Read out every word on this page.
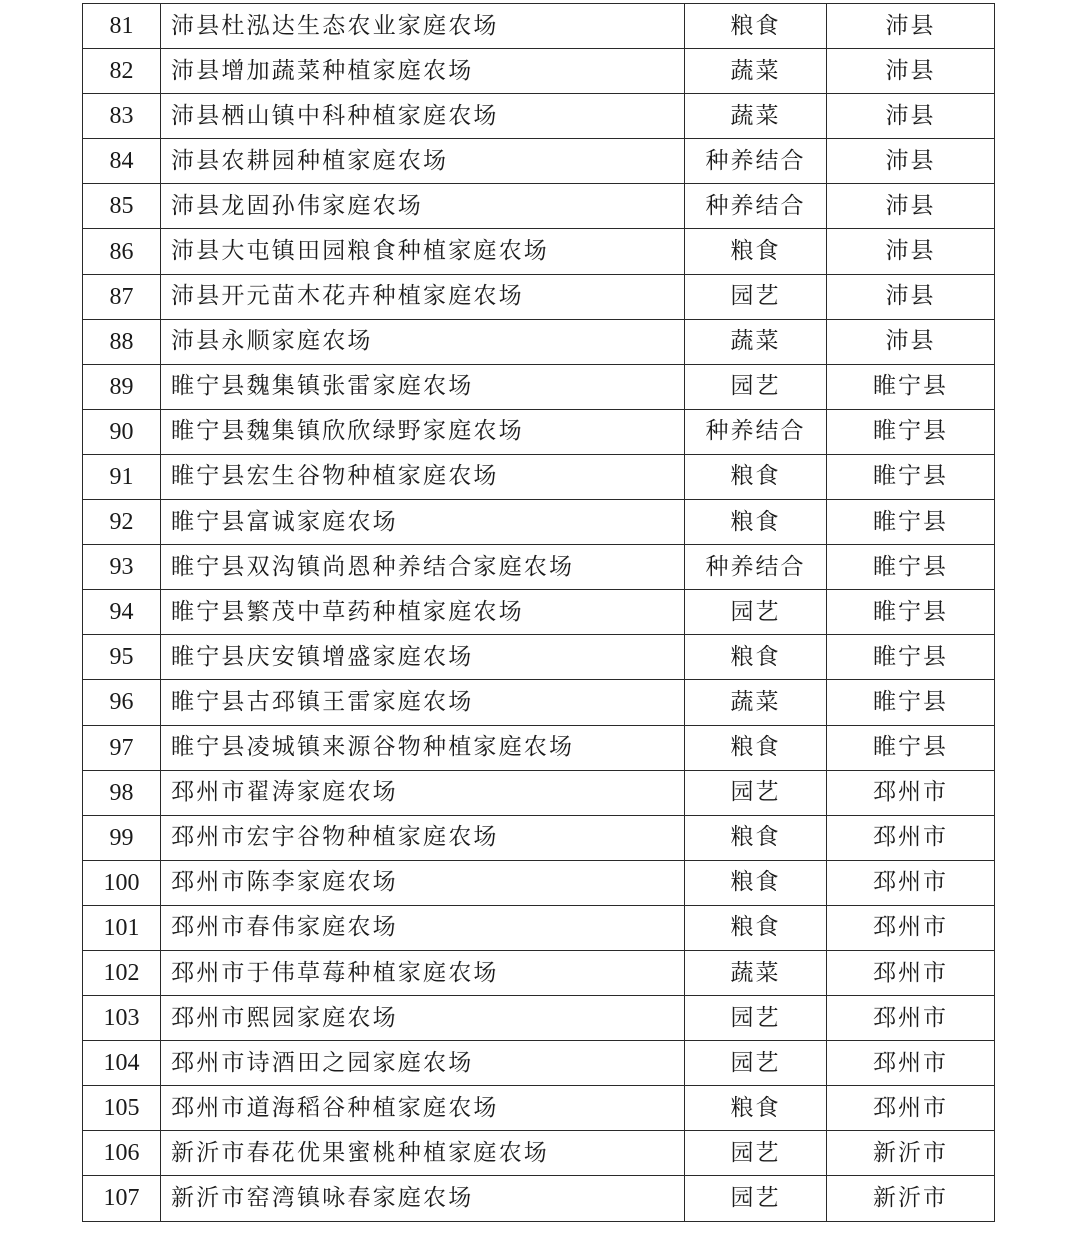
81	沛县杜泓达生态农业家庭农场	粮食	沛县
82	沛县增加蔬菜种植家庭农场	蔬菜	沛县
83	沛县栖山镇中科种植家庭农场	蔬菜	沛县
84	沛县农耕园种植家庭农场	种养结合	沛县
85	沛县龙固孙伟家庭农场	种养结合	沛县
86	沛县大屯镇田园粮食种植家庭农场	粮食	沛县
87	沛县开元苗木花卉种植家庭农场	园艺	沛县
88	沛县永顺家庭农场	蔬菜	沛县
89	睢宁县魏集镇张雷家庭农场	园艺	睢宁县
90	睢宁县魏集镇欣欣绿野家庭农场	种养结合	睢宁县
91	睢宁县宏生谷物种植家庭农场	粮食	睢宁县
92	睢宁县富诚家庭农场	粮食	睢宁县
93	睢宁县双沟镇尚恩种养结合家庭农场	种养结合	睢宁县
94	睢宁县繁茂中草药种植家庭农场	园艺	睢宁县
95	睢宁县庆安镇增盛家庭农场	粮食	睢宁县
96	睢宁县古邳镇王雷家庭农场	蔬菜	睢宁县
97	睢宁县凌城镇来源谷物种植家庭农场	粮食	睢宁县
98	邳州市翟涛家庭农场	园艺	邳州市
99	邳州市宏宇谷物种植家庭农场	粮食	邳州市
100	邳州市陈李家庭农场	粮食	邳州市
101	邳州市春伟家庭农场	粮食	邳州市
102	邳州市于伟草莓种植家庭农场	蔬菜	邳州市
103	邳州市熙园家庭农场	园艺	邳州市
104	邳州市诗酒田之园家庭农场	园艺	邳州市
105	邳州市道海稻谷种植家庭农场	粮食	邳州市
106	新沂市春花优果蜜桃种植家庭农场	园艺	新沂市
107	新沂市窑湾镇咏春家庭农场	园艺	新沂市
